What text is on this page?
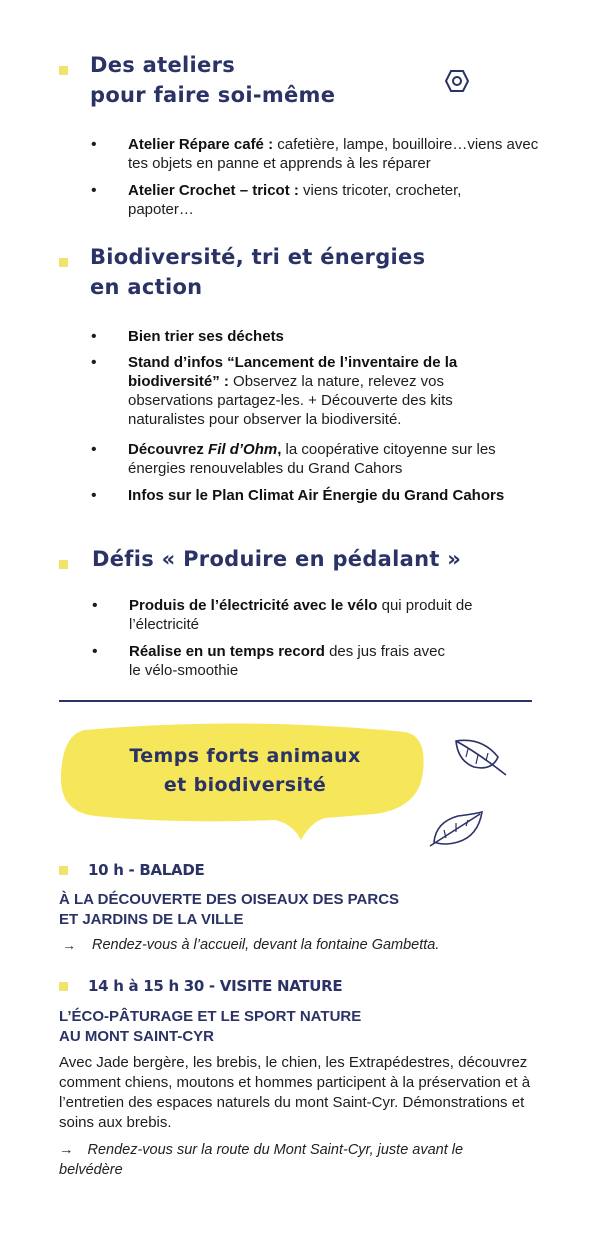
Des ateliers
pour faire soi-même
• Atelier Répare café : cafetière, lampe, bouilloire…viens avec tes objets en panne et apprends à les réparer
• Atelier Crochet – tricot : viens tricoter, crocheter, papoter…
Biodiversité, tri et énergies
en action
• Bien trier ses déchets
• Stand d’infos “Lancement de l’inventaire de la biodiversité” : Observez la nature, relevez vos observations partagez-les. + Découverte des kits naturalistes pour observer la biodiversité.
• Découvrez Fil d’Ohm, la coopérative citoyenne sur les énergies renouvelables du Grand Cahors
• Infos sur le Plan Climat Air Énergie du Grand Cahors
Défis « Produire en pédalant »
• Produis de l’électricité avec le vélo qui produit de l’électricité
• Réalise en un temps record des jus frais avec le vélo-smoothie
Temps forts animaux
et biodiversité
10 h - BALADE
À LA DÉCOUVERTE DES OISEAUX DES PARCS
ET JARDINS DE LA VILLE
→ Rendez-vous à l’accueil, devant la fontaine Gambetta.
14 h à 15 h 30 - VISITE NATURE
L’ÉCO-PÂTURAGE ET LE SPORT NATURE
AU MONT SAINT-CYR
Avec Jade bergère, les brebis, le chien, les Extrapédestres, découvrez comment chiens, moutons et hommes participent à la préservation et à l’entretien des espaces naturels du mont Saint-Cyr. Démonstrations et soins aux brebis.
→ Rendez-vous sur la route du Mont Saint-Cyr, juste avant le belvédère
